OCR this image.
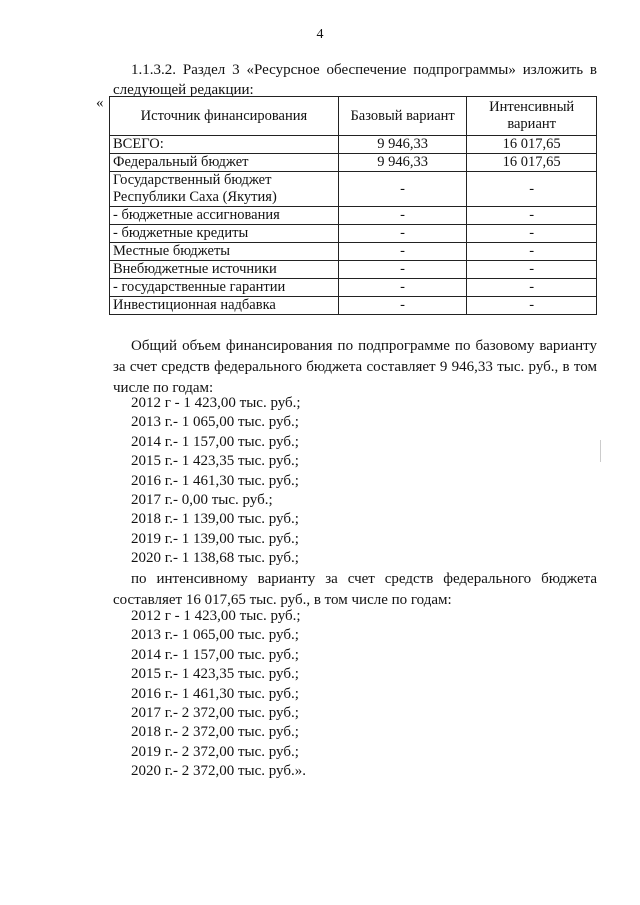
4
1.1.3.2. Раздел 3 «Ресурсное обеспечение подпрограммы» изложить в следующей редакции:
«
Источник финансирования	Базовый вариант	Интенсивный вариант
ВСЕГО:	9 946,33	16 017,65
Федеральный бюджет	9 946,33	16 017,65
Государственный бюджет Республики Саха (Якутия)	-	-
- бюджетные ассигнования	-	-
- бюджетные кредиты	-	-
Местные бюджеты	-	-
Внебюджетные источники	-	-
- государственные гарантии	-	-
Инвестиционная надбавка	-	-
Общий объем финансирования по подпрограмме по базовому варианту за счет средств федерального бюджета составляет 9 946,33 тыс. руб., в том числе по годам:
2012 г - 1 423,00 тыс. руб.;
2013 г.- 1 065,00 тыс. руб.;
2014 г.- 1 157,00 тыс. руб.;
2015 г.- 1 423,35 тыс. руб.;
2016 г.- 1 461,30 тыс. руб.;
2017 г.- 0,00 тыс. руб.;
2018 г.- 1 139,00 тыс. руб.;
2019 г.- 1 139,00 тыс. руб.;
2020 г.- 1 138,68 тыс. руб.;
по интенсивному варианту за счет средств федерального бюджета составляет 16 017,65 тыс. руб., в том числе по годам:
2012 г - 1 423,00 тыс. руб.;
2013 г.- 1 065,00 тыс. руб.;
2014 г.- 1 157,00 тыс. руб.;
2015 г.- 1 423,35 тыс. руб.;
2016 г.- 1 461,30 тыс. руб.;
2017 г.- 2 372,00 тыс. руб.;
2018 г.- 2 372,00 тыс. руб.;
2019 г.- 2 372,00 тыс. руб.;
2020 г.- 2 372,00 тыс. руб.».
